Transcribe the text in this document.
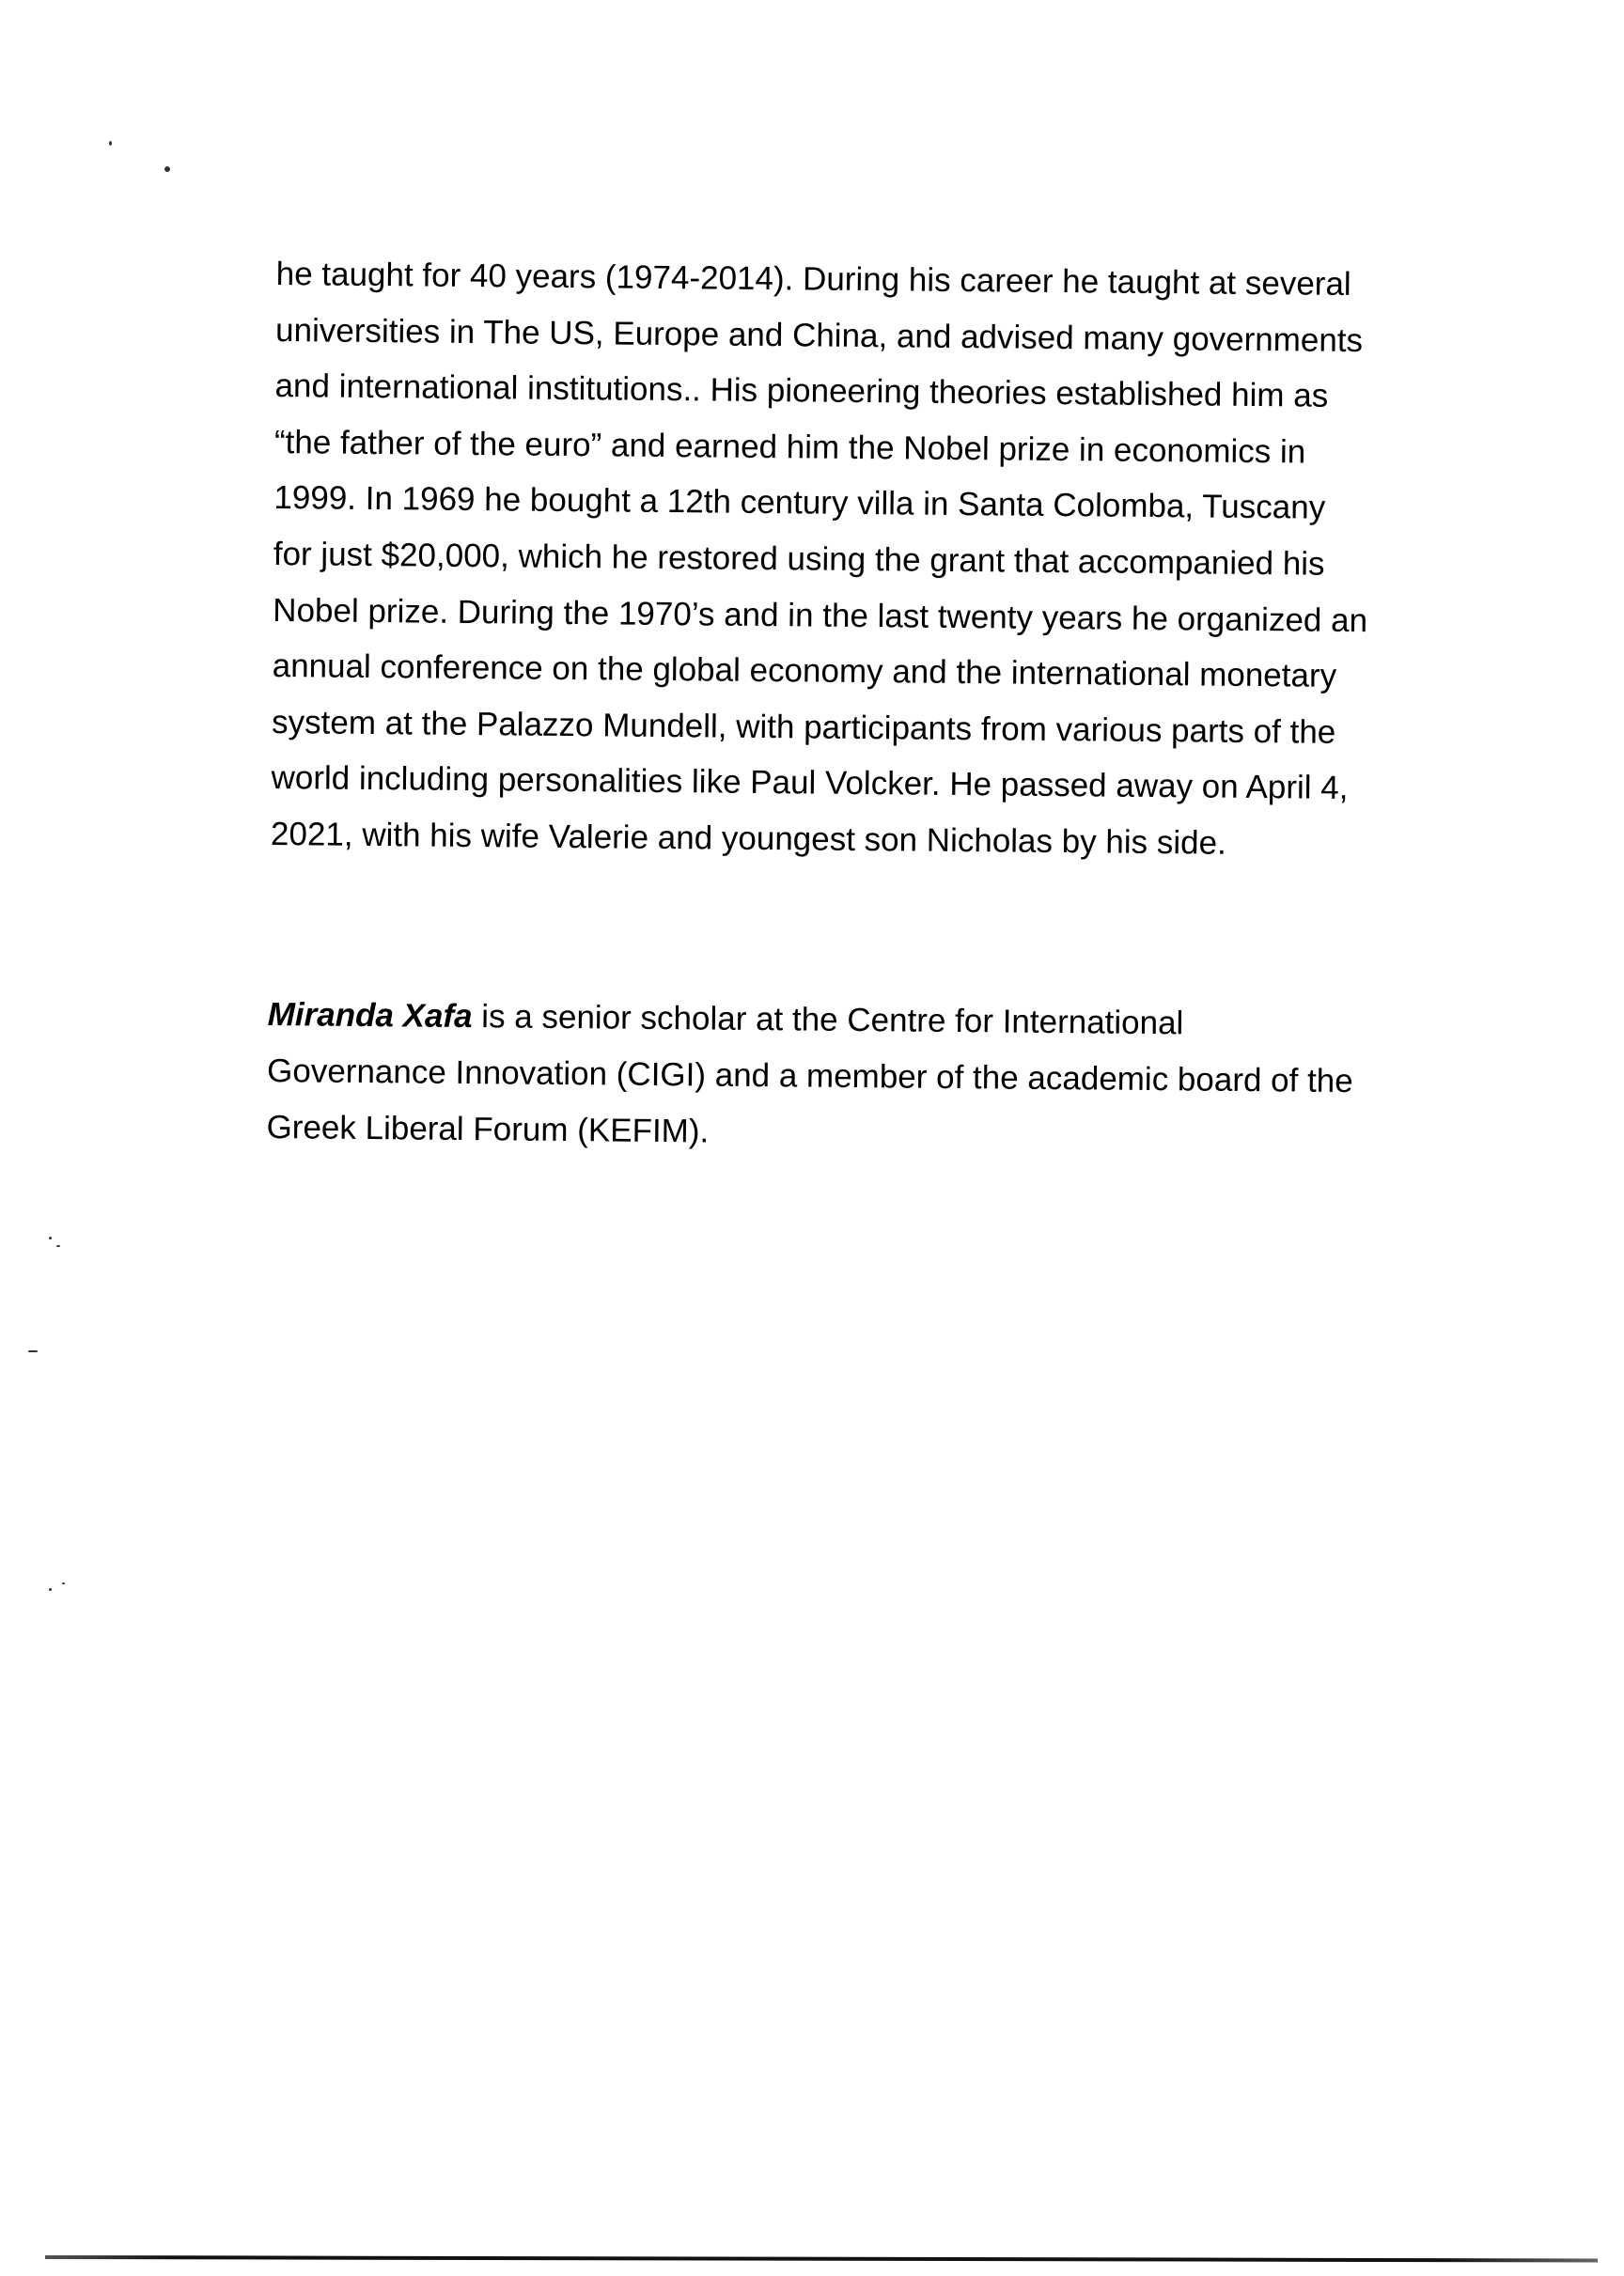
he taught for 40 years (1974-2014). During his career he taught at several
universities in The US, Europe and China, and advised many governments
and international institutions.. His pioneering theories established him as
“the father of the euro” and earned him the Nobel prize in economics in
1999. In 1969 he bought a 12th century villa in Santa Colomba, Tuscany
for just $20,000, which he restored using the grant that accompanied his
Nobel prize. During the 1970’s and in the last twenty years he organized an
annual conference on the global economy and the international monetary
system at the Palazzo Mundell, with participants from various parts of the
world including personalities like Paul Volcker. He passed away on April 4,
2021, with his wife Valerie and youngest son Nicholas by his side.
Miranda Xafa is a senior scholar at the Centre for International
Governance Innovation (CIGI) and a member of the academic board of the
Greek Liberal Forum (KEFIM).
